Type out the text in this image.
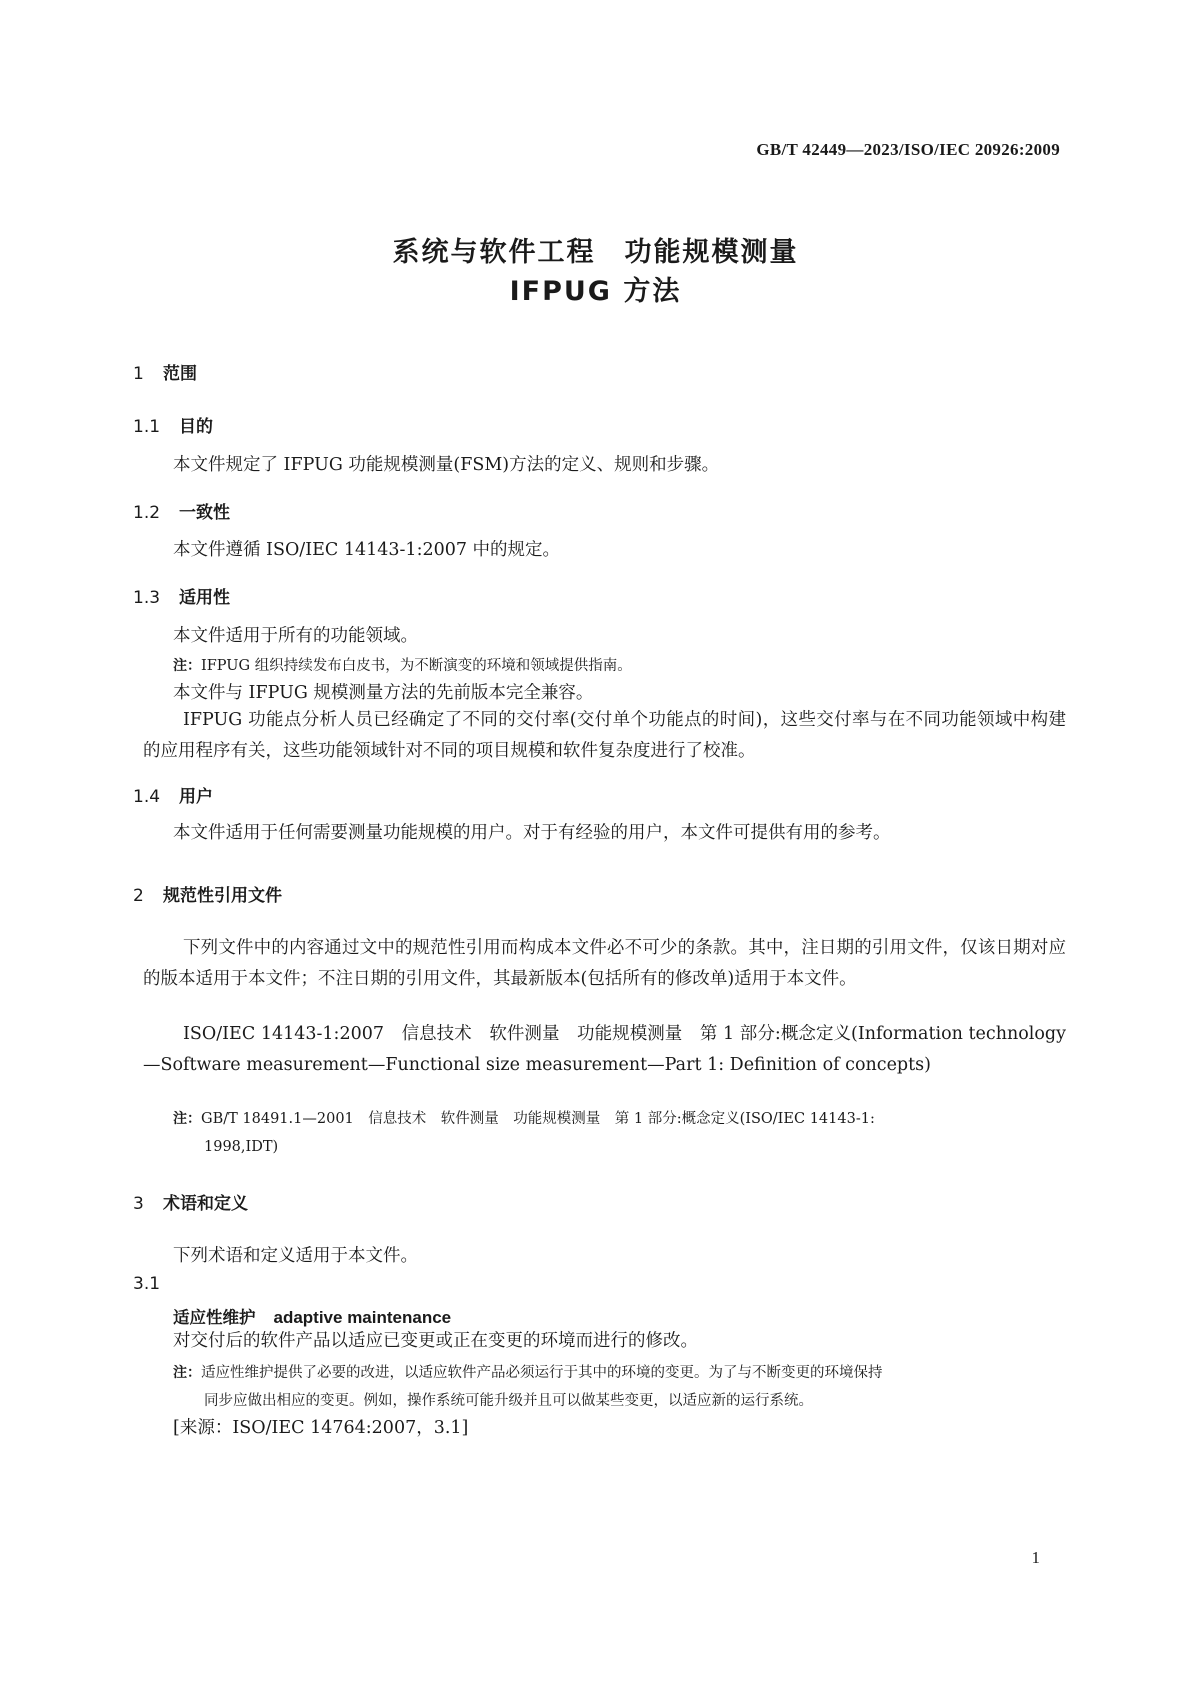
GB/T 42449—2023/ISO/IEC 20926:2009
系统与软件工程　功能规模测量
IFPUG 方法
1 范围
1.1 目的
本文件规定了 IFPUG 功能规模测量(FSM)方法的定义、规则和步骤。
1.2 一致性
本文件遵循 ISO/IEC 14143-1:2007 中的规定。
1.3 适用性
本文件适用于所有的功能领域。
注：IFPUG 组织持续发布白皮书，为不断演变的环境和领域提供指南。
本文件与 IFPUG 规模测量方法的先前版本完全兼容。
IFPUG 功能点分析人员已经确定了不同的交付率(交付单个功能点的时间)，这些交付率与在不同功能领域中构建的应用程序有关，这些功能领域针对不同的项目规模和软件复杂度进行了校准。
1.4 用户
本文件适用于任何需要测量功能规模的用户。对于有经验的用户，本文件可提供有用的参考。
2 规范性引用文件
下列文件中的内容通过文中的规范性引用而构成本文件必不可少的条款。其中，注日期的引用文件，仅该日期对应的版本适用于本文件；不注日期的引用文件，其最新版本(包括所有的修改单)适用于本文件。
ISO/IEC 14143-1:2007　信息技术　软件测量　功能规模测量　第 1 部分:概念定义(Information technology—Software measurement—Functional size measurement—Part 1: Definition of concepts)
注：GB/T 18491.1—2001　信息技术　软件测量　功能规模测量　第 1 部分:概念定义(ISO/IEC 14143-1:
1998,IDT)
3 术语和定义
下列术语和定义适用于本文件。
3.1
适应性维护 adaptive maintenance
对交付后的软件产品以适应已变更或正在变更的环境而进行的修改。
注：适应性维护提供了必要的改进，以适应软件产品必须运行于其中的环境的变更。为了与不断变更的环境保持
同步应做出相应的变更。例如，操作系统可能升级并且可以做某些变更，以适应新的运行系统。
[来源：ISO/IEC 14764:2007，3.1]
1
